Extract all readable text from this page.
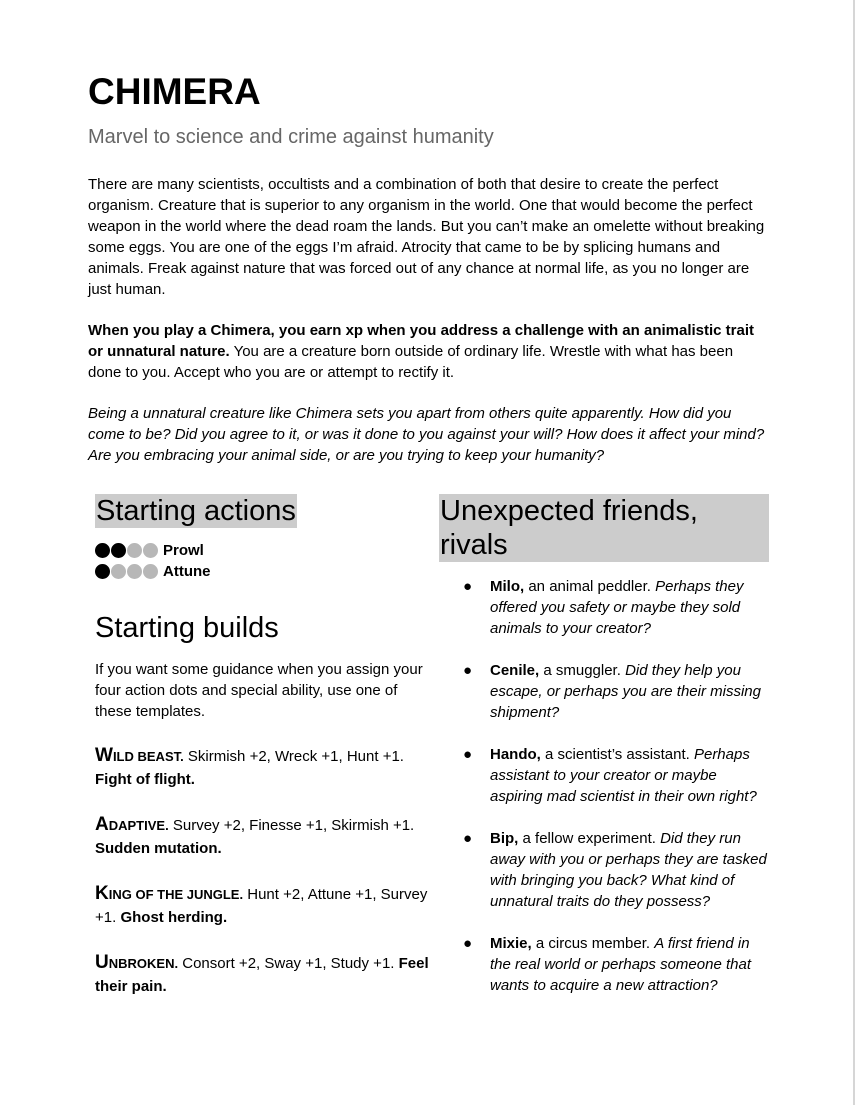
CHIMERA
Marvel to science and crime against humanity

There are many scientists, occultists and a combination of both that desire to create the perfect organism. Creature that is superior to any organism in the world. One that would become the perfect weapon in the world where the dead roam the lands. But you can’t make an omelette without breaking some eggs. You are one of the eggs I’m afraid. Atrocity that came to be by splicing humans and animals. Freak against nature that was forced out of any chance at normal life, as you no longer are just human.

When you play a Chimera, you earn xp when you address a challenge with an animalistic trait or unnatural nature. You are a creature born outside of ordinary life. Wrestle with what has been done to you. Accept who you are or attempt to rectify it.

Being a unnatural creature like Chimera sets you apart from others quite apparently. How did you come to be? Did you agree to it, or was it done to you against your will? How does it affect your mind? Are you embracing your animal side, or are you trying to keep your humanity?

Starting actions
Prowl
Attune
Starting builds
If you want some guidance when you assign your four action dots and special ability, use one of these templates.
WILD BEAST. Skirmish +2, Wreck +1, Hunt +1. Fight of flight.
ADAPTIVE. Survey +2, Finesse +1, Skirmish +1. Sudden mutation.
KING OF THE JUNGLE. Hunt +2, Attune +1, Survey +1. Ghost herding.
UNBROKEN. Consort +2, Sway +1, Study +1. Feel their pain.
Unexpected friends, rivals
● Milo, an animal peddler. Perhaps they offered you safety or maybe they sold animals to your creator?
● Cenile, a smuggler. Did they help you escape, or perhaps you are their missing shipment?
● Hando, a scientist’s assistant. Perhaps assistant to your creator or maybe aspiring mad scientist in their own right?
● Bip, a fellow experiment. Did they run away with you or perhaps they are tasked with bringing you back? What kind of unnatural traits do they possess?
● Mixie, a circus member. A first friend in the real world or perhaps someone that wants to acquire a new attraction?
